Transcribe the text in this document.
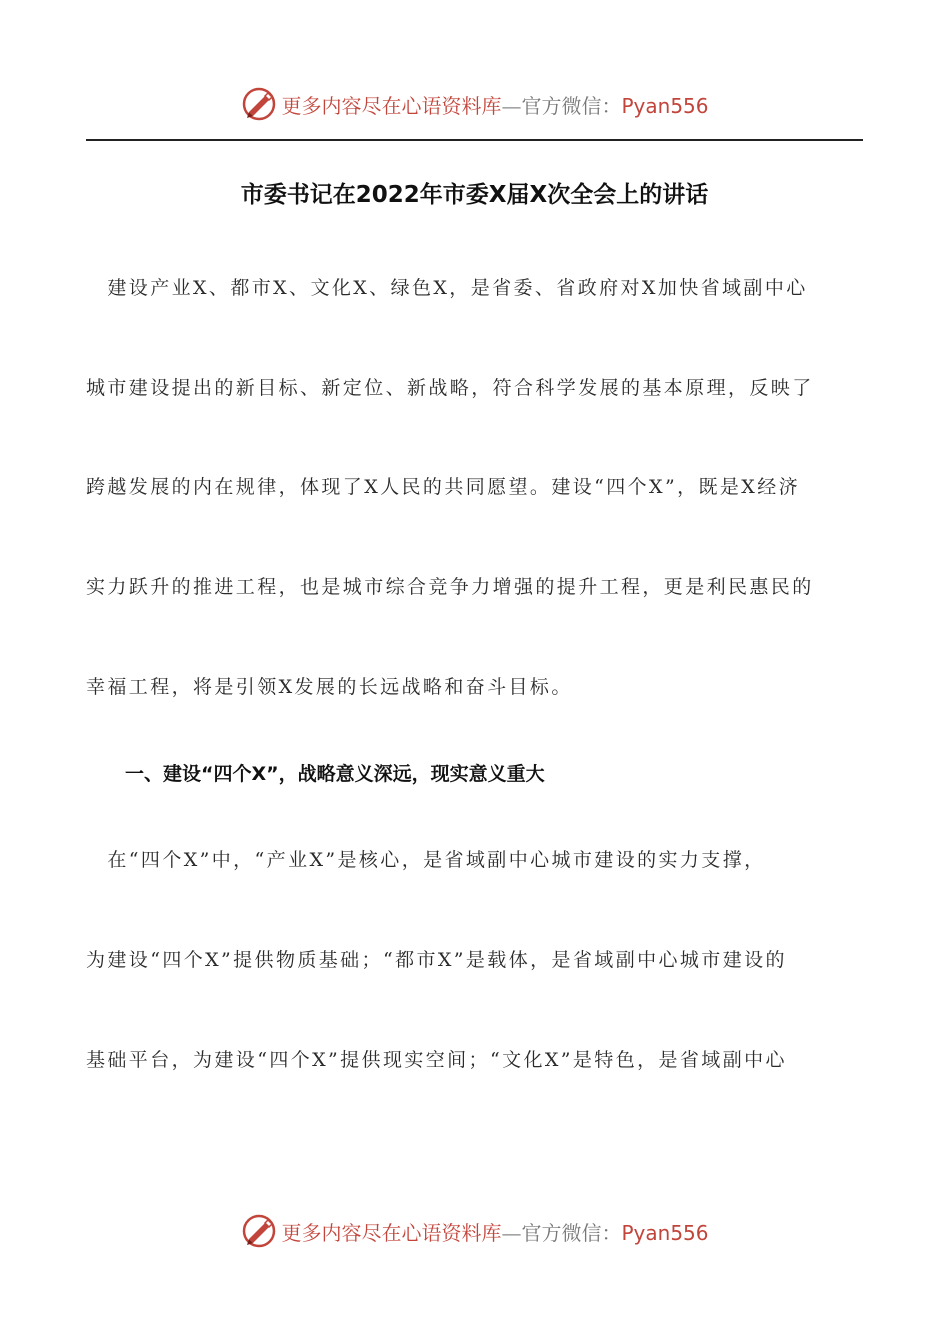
更多内容尽在心语资料库—官方微信：Pyan556
市委书记在2022年市委X届X次全会上的讲话
　建设产业X、都市X、文化X、绿色X，是省委、省政府对X加快省域副中心
城市建设提出的新目标、新定位、新战略，符合科学发展的基本原理，反映了
跨越发展的内在规律，体现了X人民的共同愿望。建设“四个X”，既是X经济
实力跃升的推进工程，也是城市综合竞争力增强的提升工程，更是利民惠民的
幸福工程，将是引领X发展的长远战略和奋斗目标。
一、建设“四个X”，战略意义深远，现实意义重大
　在“四个X”中，“产业X”是核心，是省域副中心城市建设的实力支撑，
为建设“四个X”提供物质基础；“都市X”是载体，是省域副中心城市建设的
基础平台，为建设“四个X”提供现实空间；“文化X”是特色，是省域副中心
更多内容尽在心语资料库—官方微信：Pyan556
